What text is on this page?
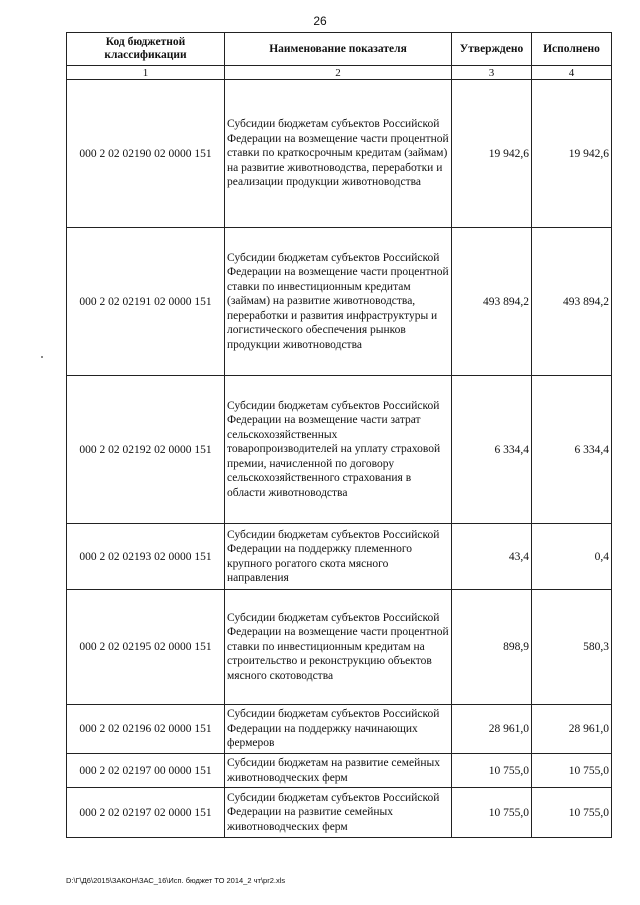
26
Код бюджетной классификации	Наименование показателя	Утверждено	Исполнено
1	2	3	4
000 2 02 02190 02 0000 151	Субсидии бюджетам субъектов Российской Федерации на возмещение части процентной ставки по краткосрочным кредитам (займам) на развитие животноводства, переработки и реализации продукции животноводства	19 942,6	19 942,6
000 2 02 02191 02 0000 151	Субсидии бюджетам субъектов Российской Федерации на возмещение части процентной ставки по инвестиционным кредитам (займам) на развитие животноводства, переработки и развития инфраструктуры и логистического обеспечения рынков продукции животноводства	493 894,2	493 894,2
000 2 02 02192 02 0000 151	Субсидии бюджетам субъектов Российской Федерации на возмещение части затрат сельскохозяйственных товаропроизводителей на уплату страховой премии, начисленной по договору сельскохозяйственного страхования в области животноводства	6 334,4	6 334,4
000 2 02 02193 02 0000 151	Субсидии бюджетам субъектов Российской Федерации на поддержку племенного крупного рогатого скота мясного направления	43,4	0,4
000 2 02 02195 02 0000 151	Субсидии бюджетам субъектов Российской Федерации на возмещение части процентной ставки по инвестиционным кредитам на строительство и реконструкцию объектов мясного скотоводства	898,9	580,3
000 2 02 02196 02 0000 151	Субсидии бюджетам субъектов Российской Федерации на поддержку начинающих фермеров	28 961,0	28 961,0
000 2 02 02197 00 0000 151	Субсидии бюджетам на развитие семейных животноводческих ферм	10 755,0	10 755,0
000 2 02 02197 02 0000 151	Субсидии бюджетам субъектов Российской Федерации на развитие семейных животноводческих ферм	10 755,0	10 755,0
D:\Г\Д6\2015\ЗАКОН\ЗАС_16\Исп. бюджет ТО 2014_2 чт\pr2.xls
